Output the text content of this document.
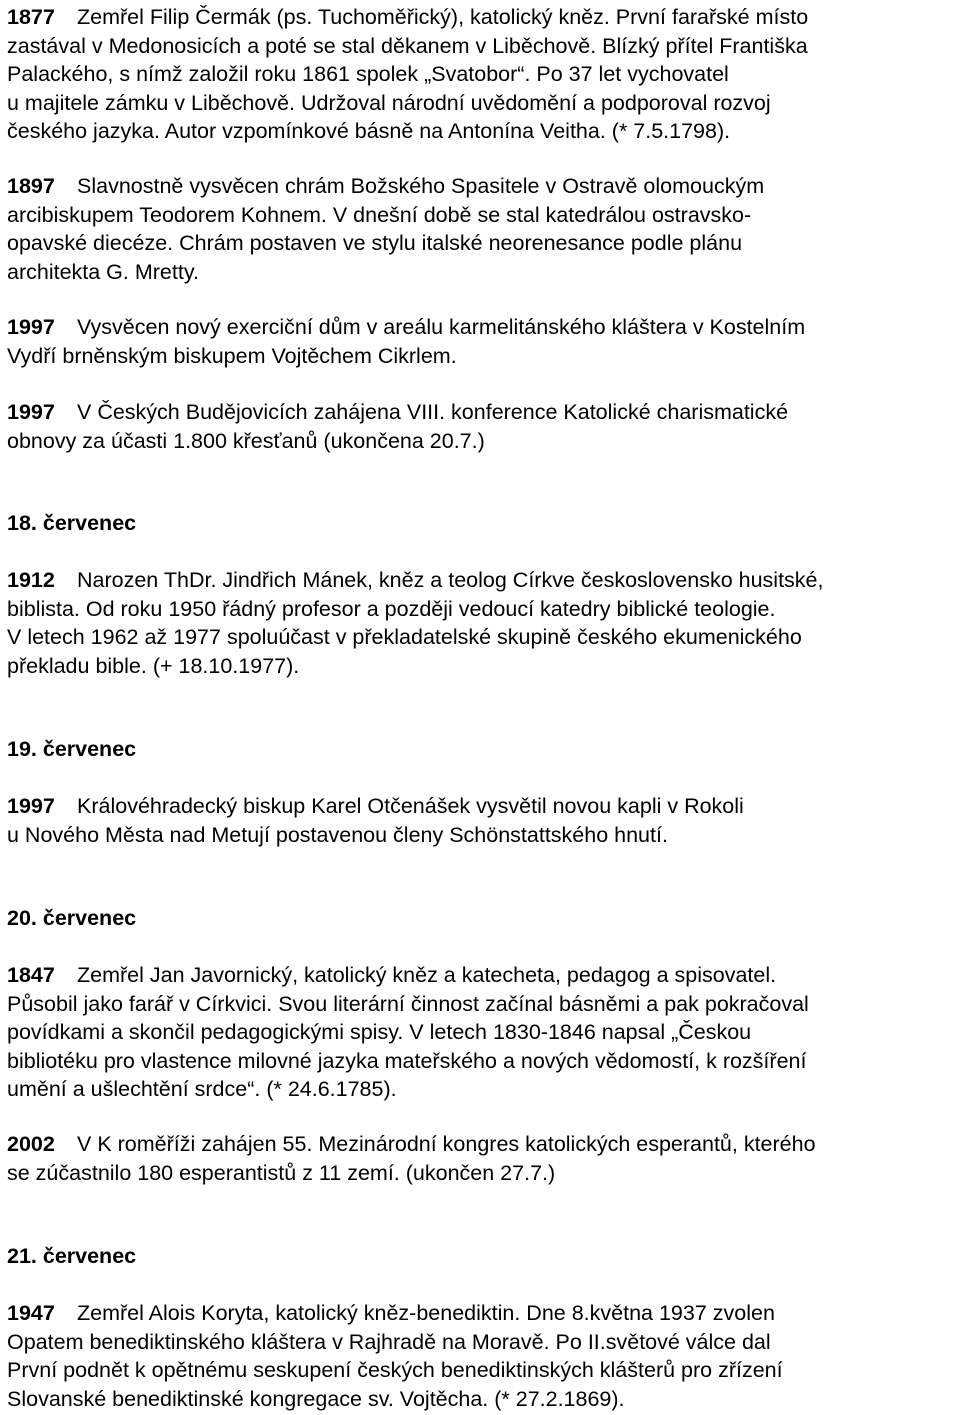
1877 Zemřel Filip Čermák (ps. Tuchoměřický), katolický kněz. První farařské místo
zastával v Medonosicích a poté se stal děkanem v Liběchově. Blízký přítel Františka
Palackého, s nímž založil roku 1861 spolek „Svatobor“. Po 37 let vychovatel
u majitele zámku v Liběchově. Udržoval národní uvědomění a podporoval rozvoj
českého jazyka. Autor vzpomínkové básně na Antonína Veitha. (* 7.5.1798).
1897 Slavnostně vysvěcen chrám Božského Spasitele v Ostravě olomouckým
arcibiskupem Teodorem Kohnem. V dnešní době se stal katedrálou ostravsko-
opavské diecéze. Chrám postaven ve stylu italské neorenesance podle plánu
architekta G. Mretty.
1997 Vysvěcen nový exerciční dům v areálu karmelitánského kláštera v Kostelním
Vydří brněnským biskupem Vojtěchem Cikrlem.
1997 V Českých Budějovicích zahájena VIII. konference Katolické charismatické
obnovy za účasti 1.800 křesťanů (ukončena 20.7.)
18. červenec
1912 Narozen ThDr. Jindřich Mánek, kněz a teolog Církve československo husitské,
biblista. Od roku 1950 řádný profesor a později vedoucí katedry biblické teologie.
V letech 1962 až 1977 spoluúčast v překladatelské skupině českého ekumenického
překladu bible. (+ 18.10.1977).
19. červenec
1997 Královéhradecký biskup Karel Otčenášek vysvětil novou kapli v Rokoli
u Nového Města nad Metují postavenou členy Schönstattského hnutí.
20. červenec
1847 Zemřel Jan Javornický, katolický kněz a katecheta, pedagog a spisovatel.
Působil jako farář v Církvici. Svou literární činnost začínal básněmi a pak pokračoval
povídkami a skončil pedagogickými spisy. V letech 1830-1846 napsal „Českou
bibliotéku pro vlastence milovné jazyka mateřského a nových vědomostí, k rozšíření
umění a ušlechtění srdce“. (* 24.6.1785).
2002 V K roměříži zahájen 55. Mezinárodní kongres katolických esperantů, kterého
se zúčastnilo 180 esperantistů z 11 zemí. (ukončen 27.7.)
21. červenec
1947 Zemřel Alois Koryta, katolický kněz-benediktin. Dne 8.května 1937 zvolen
Opatem benediktinského kláštera v Rajhradě na Moravě. Po II.světové válce dal
První podnět k opětnému seskupení českých benediktinských klášterů pro zřízení
Slovanské benediktinské kongregace sv. Vojtěcha. (* 27.2.1869).
